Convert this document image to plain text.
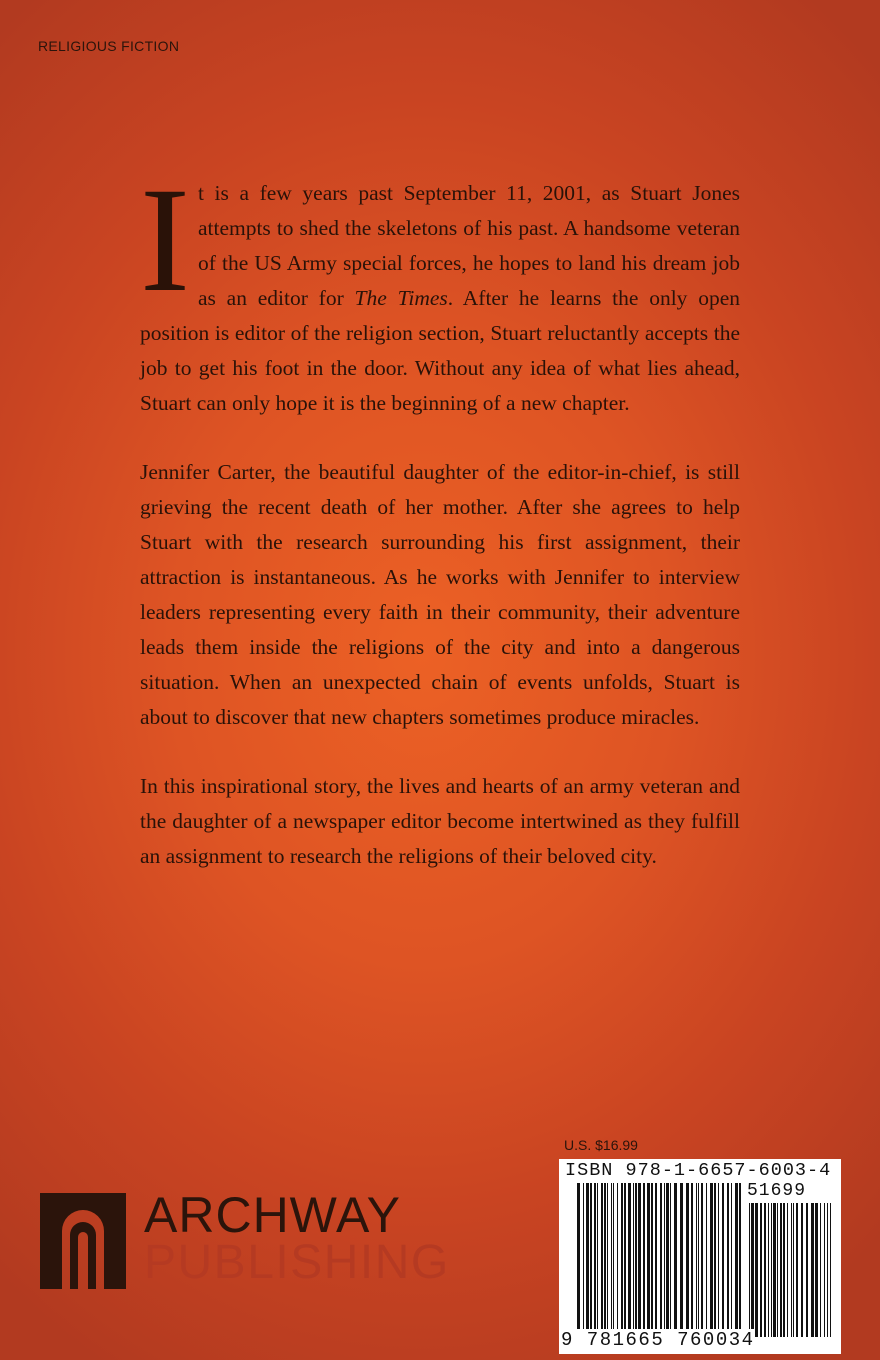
RELIGIOUS FICTION

It is a few years past September 11, 2001, as Stuart Jones attempts to shed the skeletons of his past. A handsome veteran of the US Army special forces, he hopes to land his dream job as an editor for The Times. After he learns the only open position is editor of the religion section, Stuart reluctantly accepts the job to get his foot in the door. Without any idea of what lies ahead, Stuart can only hope it is the beginning of a new chapter.

Jennifer Carter, the beautiful daughter of the editor-in-chief, is still grieving the recent death of her mother. After she agrees to help Stuart with the research surrounding his first assignment, their attraction is instantaneous. As he works with Jennifer to interview leaders representing every faith in their community, their adventure leads them inside the religions of the city and into a dangerous situation. When an unexpected chain of events unfolds, Stuart is about to discover that new chapters sometimes produce miracles.

In this inspirational story, the lives and hearts of an army veteran and the daughter of a newspaper editor become intertwined as they fulfill an assignment to research the religions of their beloved city.

U.S. $16.99
ISBN 978-1-6657-6003-4
51699
9 781665 760034
ARCHWAY
PUBLISHING
